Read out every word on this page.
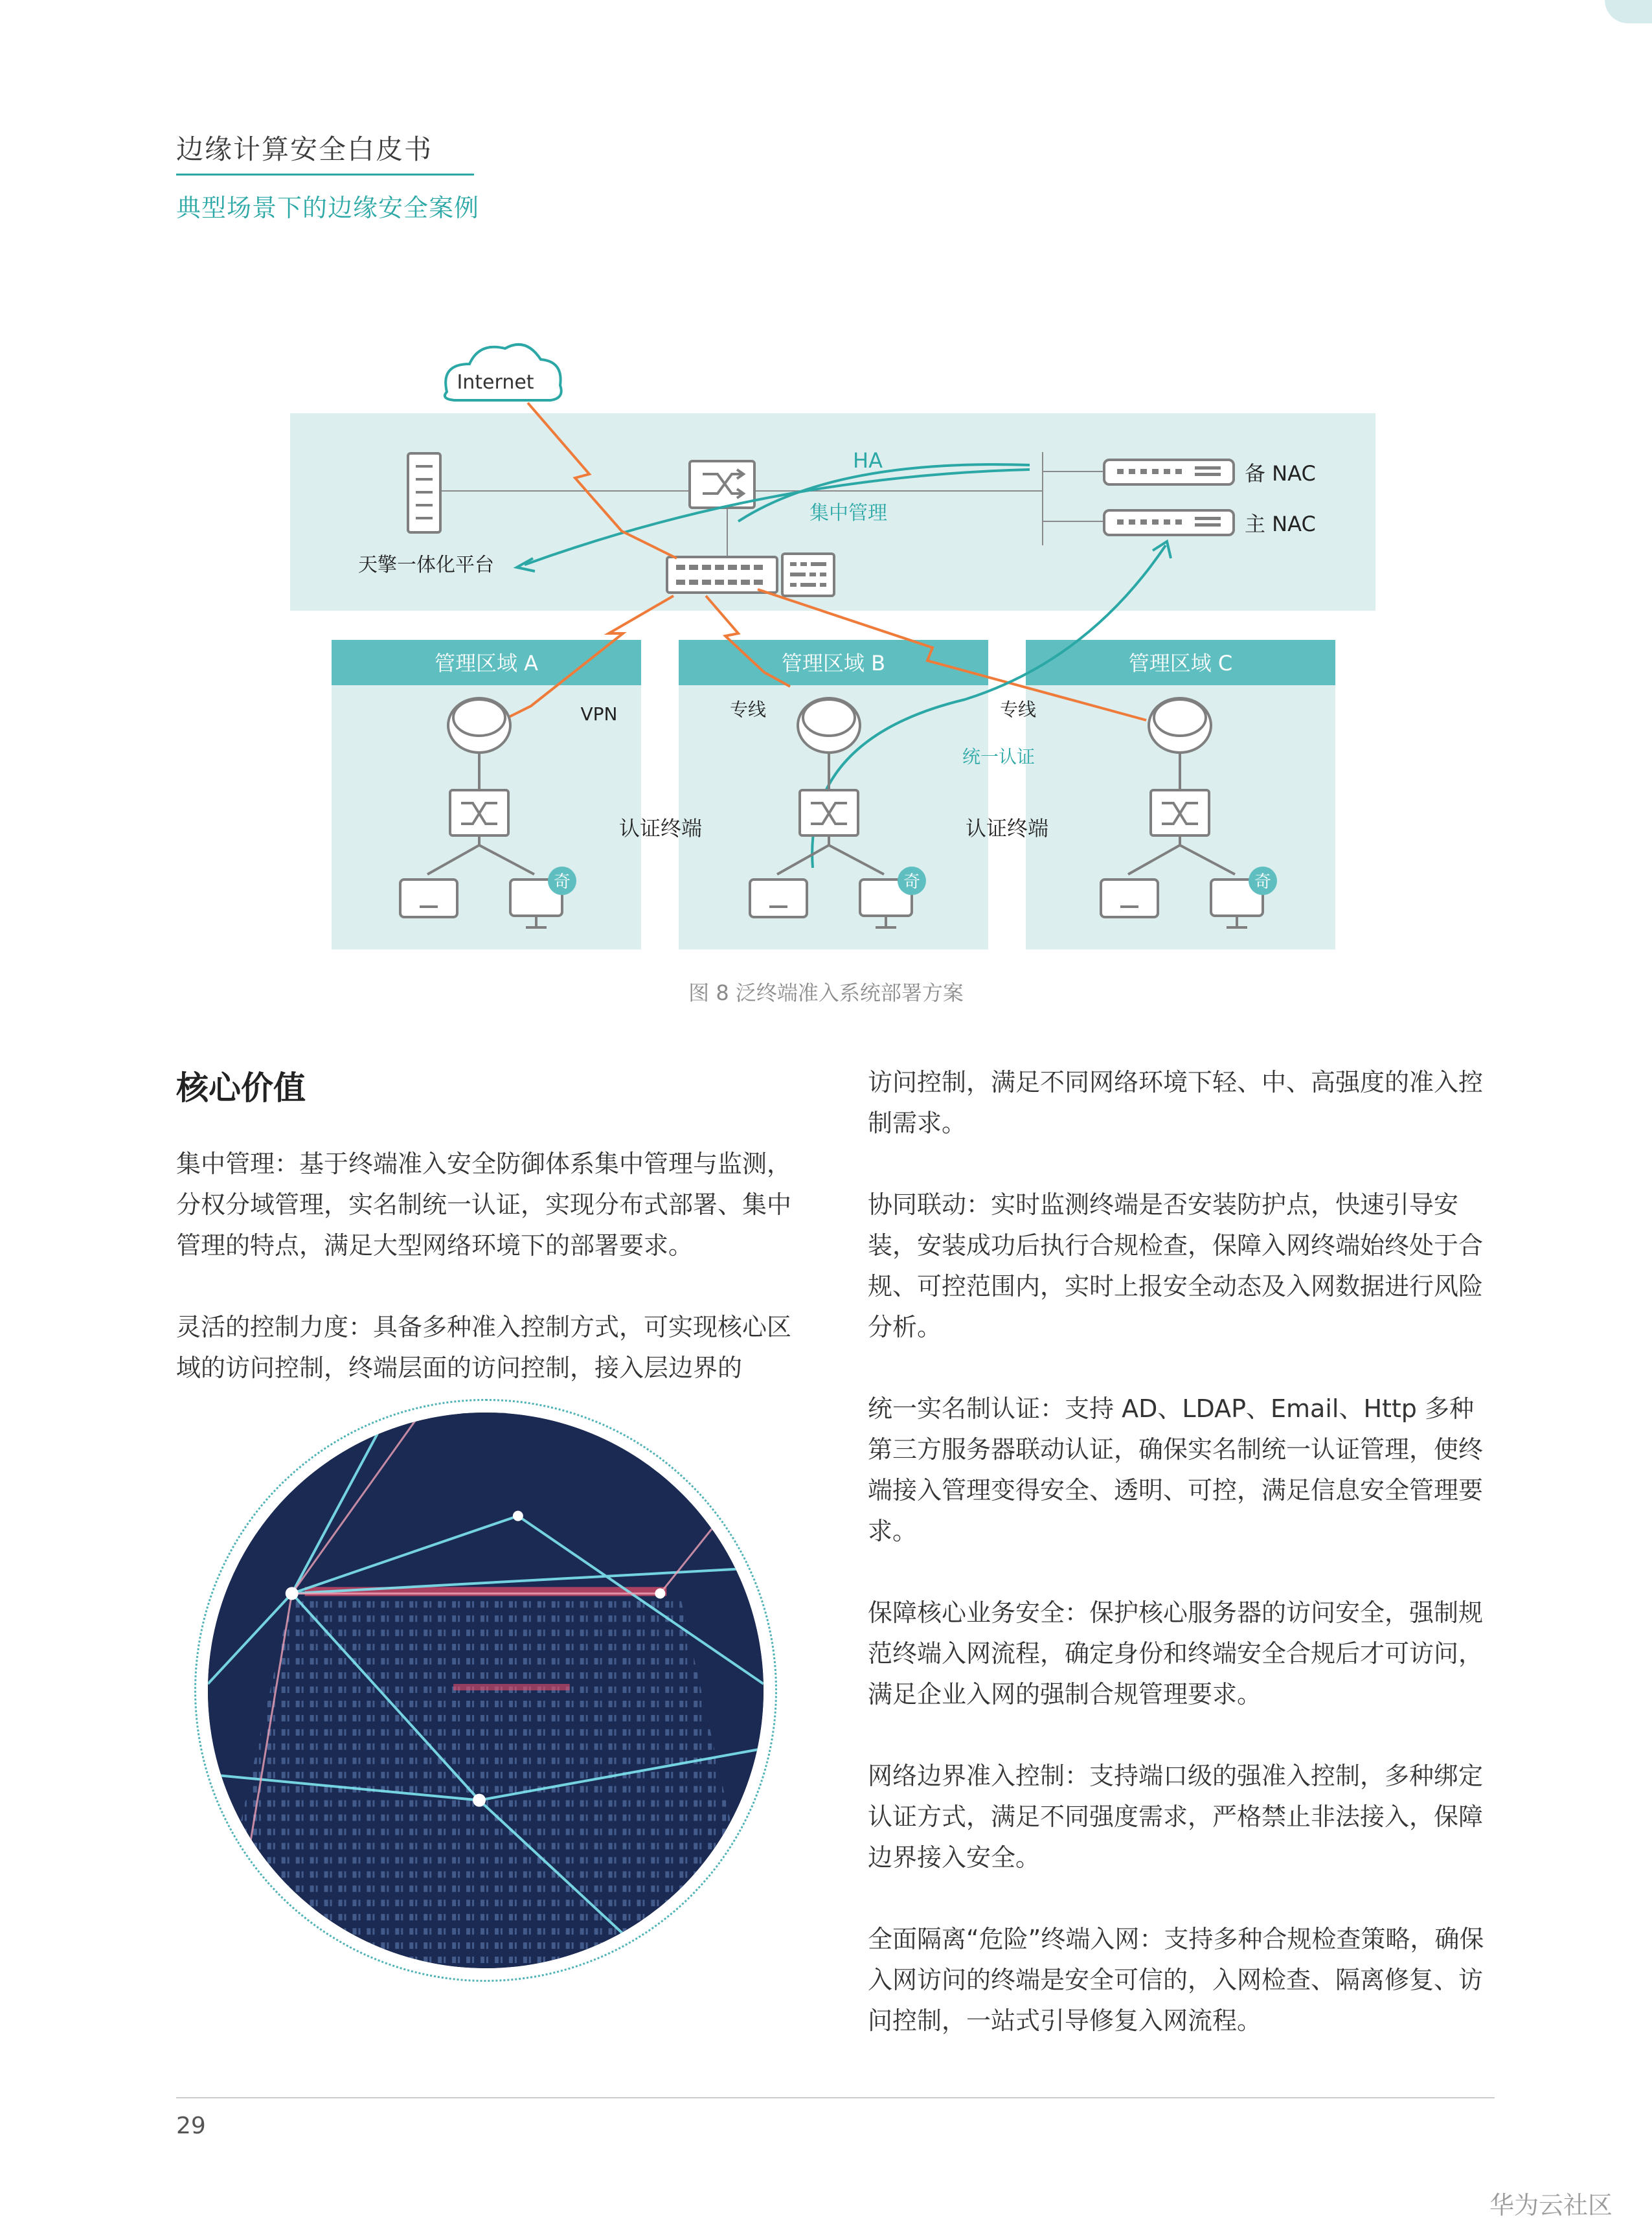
边缘计算安全白皮书
典型场景下的边缘安全案例
管理区域 A	管理区域 B	管理区域 C
Internet
天擎一体化平台
备 NAC
主 NAC
HA
集中管理
统一认证
奇	奇	奇
VPN	专线	专线
认证终端	认证终端
图 8 泛终端准入系统部署方案
核心价值

集中管理：基于终端准入安全防御体系集中管理与监测，分权分域管理，实名制统一认证，实现分布式部署、集中管理的特点，满足大型网络环境下的部署要求。

灵活的控制力度：具备多种准入控制方式，可实现核心区域的访问控制，终端层面的访问控制，接入层边界的

访问控制，满足不同网络环境下轻、中、高强度的准入控制需求。

协同联动：实时监测终端是否安装防护点，快速引导安装，安装成功后执行合规检查，保障入网终端始终处于合规、可控范围内，实时上报安全动态及入网数据进行风险分析。

统一实名制认证：支持 AD、LDAP、Email、Http 多种第三方服务器联动认证，确保实名制统一认证管理，使终端接入管理变得安全、透明、可控，满足信息安全管理要求。

保障核心业务安全：保护核心服务器的访问安全，强制规范终端入网流程，确定身份和终端安全合规后才可访问，满足企业入网的强制合规管理要求。

网络边界准入控制：支持端口级的强准入控制，多种绑定认证方式，满足不同强度需求，严格禁止非法接入，保障边界接入安全。

全面隔离“危险”终端入网：支持多种合规检查策略，确保入网访问的终端是安全可信的，入网检查、隔离修复、访问控制，一站式引导修复入网流程。

29
华为云社区
